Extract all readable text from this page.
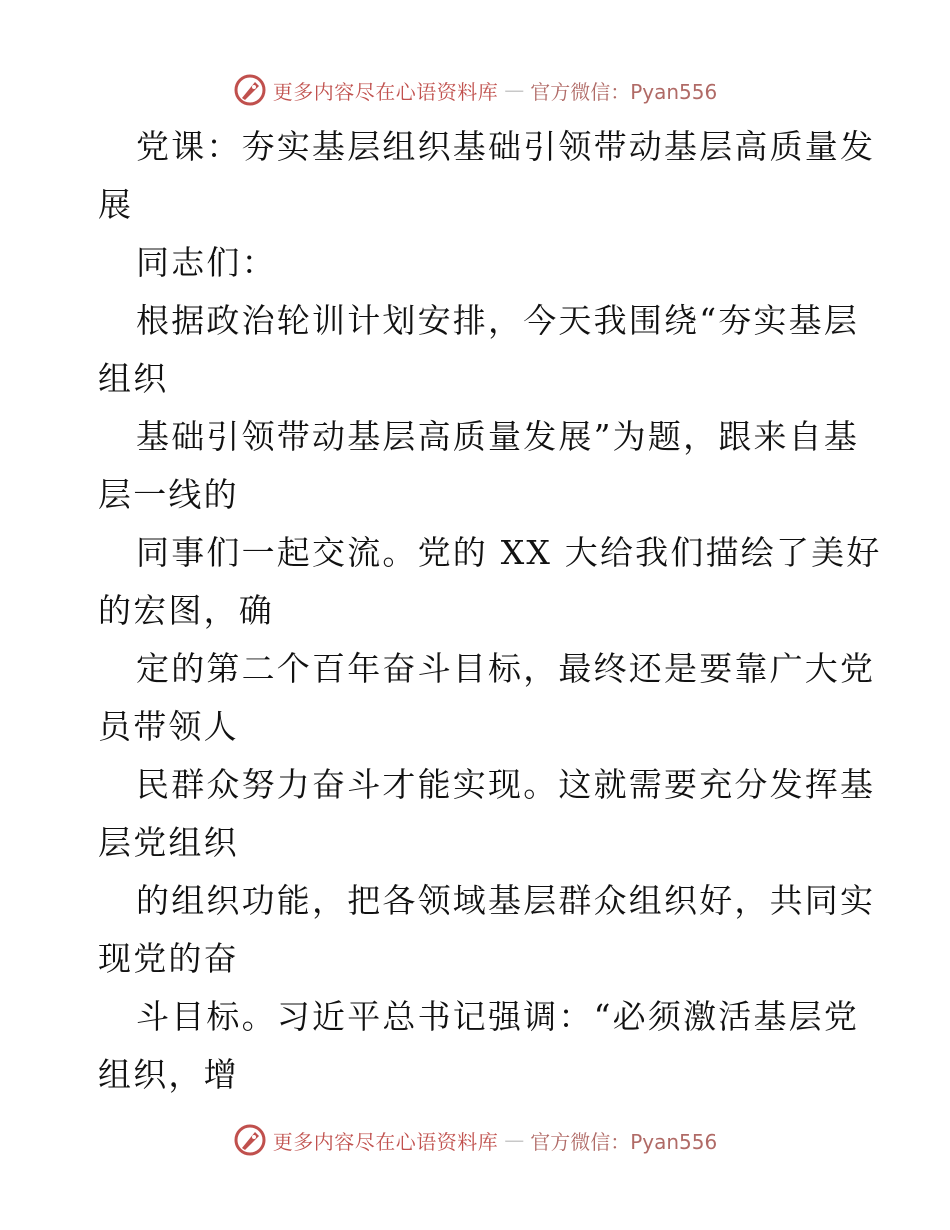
更多内容尽在心语资料库 — 官方微信：Pyan556
党课：夯实基层组织基础引领带动基层高质量发
展
同志们：
根据政治轮训计划安排，今天我围绕“夯实基层
组织
基础引领带动基层高质量发展”为题，跟来自基
层一线的
同事们一起交流。党的 XX 大给我们描绘了美好
的宏图，确
定的第二个百年奋斗目标，最终还是要靠广大党
员带领人
民群众努力奋斗才能实现。这就需要充分发挥基
层党组织
的组织功能，把各领域基层群众组织好，共同实
现党的奋
斗目标。习近平总书记强调：“必须激活基层党
组织，增
更多内容尽在心语资料库 — 官方微信：Pyan556
